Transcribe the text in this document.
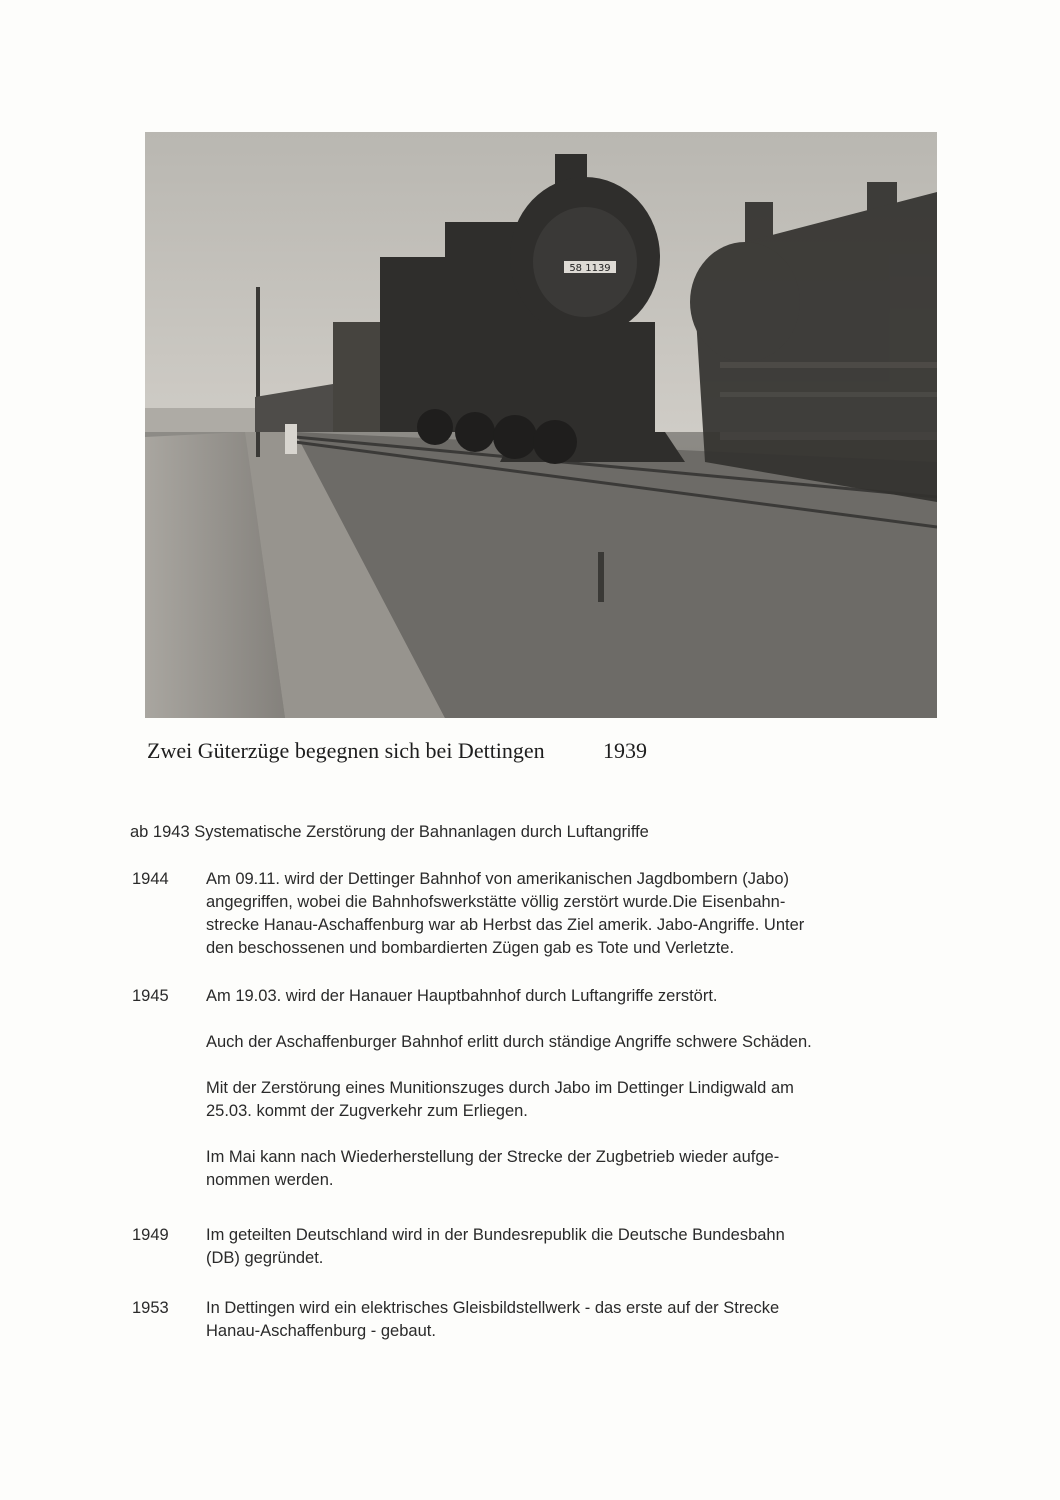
58 1139
Zwei Güterzüge begegnen sich bei Dettingen	1939
ab 1943 Systematische Zerstörung der Bahnanlagen durch Luftangriffe
1944 Am 09.11. wird der Dettinger Bahnhof von amerikanischen Jagdbombern (Jabo)
angegriffen, wobei die Bahnhofswerkstätte völlig zerstört wurde.Die Eisenbahn-
strecke Hanau-Aschaffenburg war ab Herbst das Ziel amerik. Jabo-Angriffe. Unter
den beschossenen und bombardierten Zügen gab es Tote und Verletzte.
1945 Am 19.03. wird der Hanauer Hauptbahnhof durch Luftangriffe zerstört.
Auch der Aschaffenburger Bahnhof erlitt durch ständige Angriffe schwere Schäden.
Mit der Zerstörung eines Munitionszuges durch Jabo im Dettinger Lindigwald am
25.03. kommt der Zugverkehr zum Erliegen.
Im Mai kann nach Wiederherstellung der Strecke der Zugbetrieb wieder aufge-
nommen werden.
1949 Im geteilten Deutschland wird in der Bundesrepublik die Deutsche Bundesbahn
(DB) gegründet.
1953 In Dettingen wird ein elektrisches Gleisbildstellwerk - das erste auf der Strecke
Hanau-Aschaffenburg - gebaut.
